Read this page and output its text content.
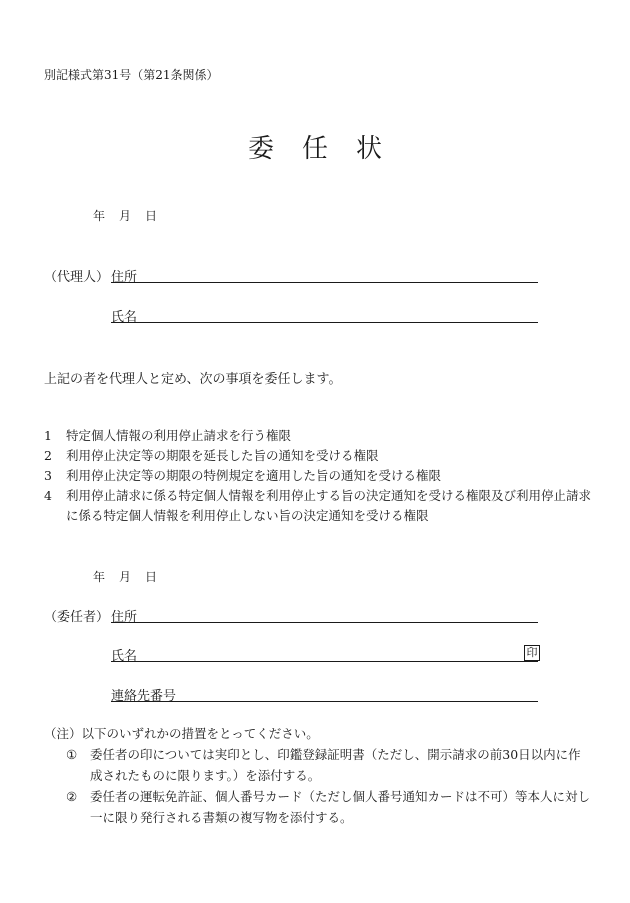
別記様式第31号（第21条関係）
委 任 状
年 月 日
（代理人） 住所
氏名
上記の者を代理人と定め、次の事項を委任します。
1 特定個人情報の利用停止請求を行う権限
2 利用停止決定等の期限を延長した旨の通知を受ける権限
3 利用停止決定等の期限の特例規定を適用した旨の通知を受ける権限
4 利用停止請求に係る特定個人情報を利用停止する旨の決定通知を受ける権限及び利用停止請求に係る特定個人情報を利用停止しない旨の決定通知を受ける権限
年 月 日
（委任者） 住所
氏名	印
連絡先番号
（注）以下のいずれかの措置をとってください。
① 委任者の印については実印とし、印鑑登録証明書（ただし、開示請求の前30日以内に作成されたものに限ります。）を添付する。
② 委任者の運転免許証、個人番号カード（ただし個人番号通知カードは不可）等本人に対し一に限り発行される書類の複写物を添付する。
